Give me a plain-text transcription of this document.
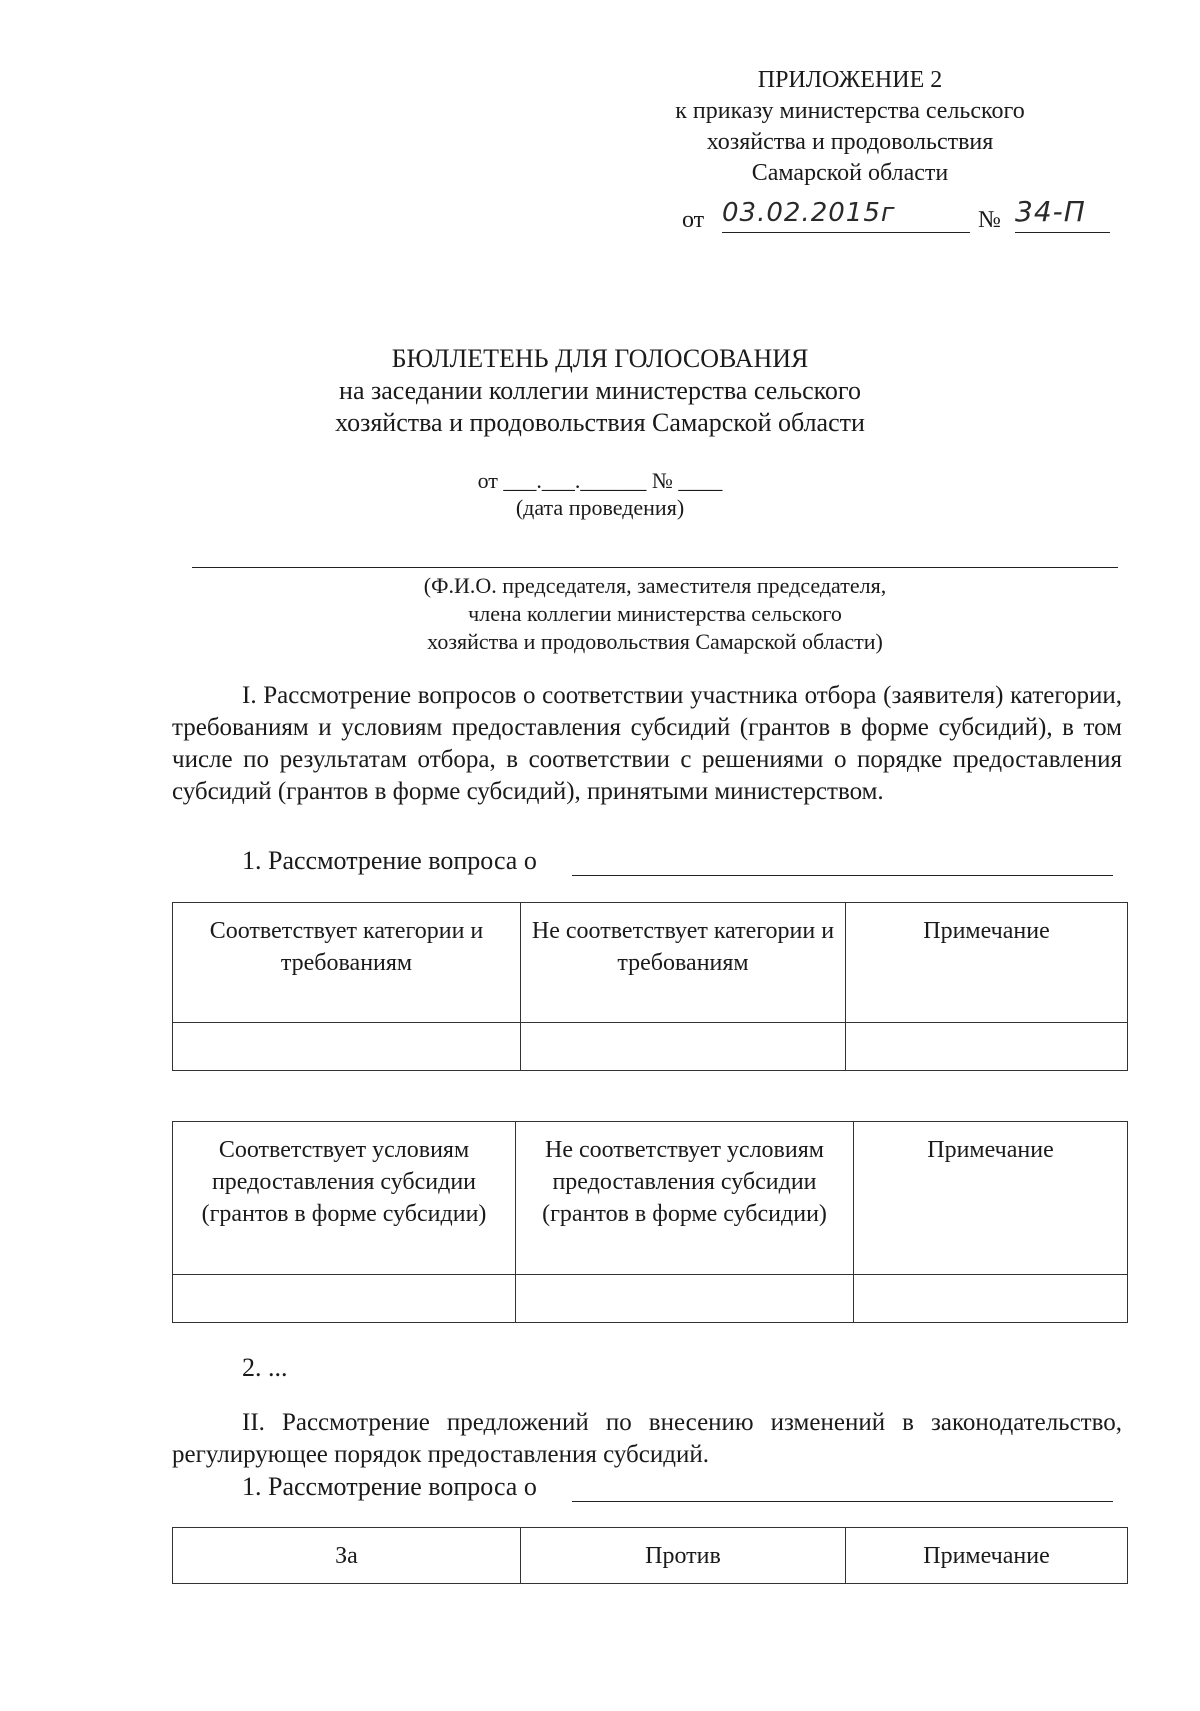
ПРИЛОЖЕНИЕ 2
к приказу министерства сельского
хозяйства и продовольствия
Самарской области
от 03.02.2015г	№ 34-П
БЮЛЛЕТЕНЬ ДЛЯ ГОЛОСОВАНИЯ
на заседании коллегии министерства сельского
хозяйства и продовольствия Самарской области
от ___.___.______ № ____
(дата проведения)
(Ф.И.О. председателя, заместителя председателя,
члена коллегии министерства сельского
хозяйства и продовольствия Самарской области)
I. Рассмотрение вопросов о соответствии участника отбора (заявителя) категории, требованиям и условиям предоставления субсидий (грантов в форме субсидий), в том числе по результатам отбора, в соответствии с решениями о порядке предоставления субсидий (грантов в форме субсидий), принятыми министерством.
1. Рассмотрение вопроса о
Соответствует категории и требованиям	Не соответствует категории и требованиям	Примечание

Соответствует условиям предоставления субсидии (грантов в форме субсидии)	Не соответствует условиям предоставления субсидии (грантов в форме субсидии)	Примечание

2. ...
II. Рассмотрение предложений по внесению изменений в законодательство, регулирующее порядок предоставления субсидий.
1. Рассмотрение вопроса о
За	Против	Примечание
